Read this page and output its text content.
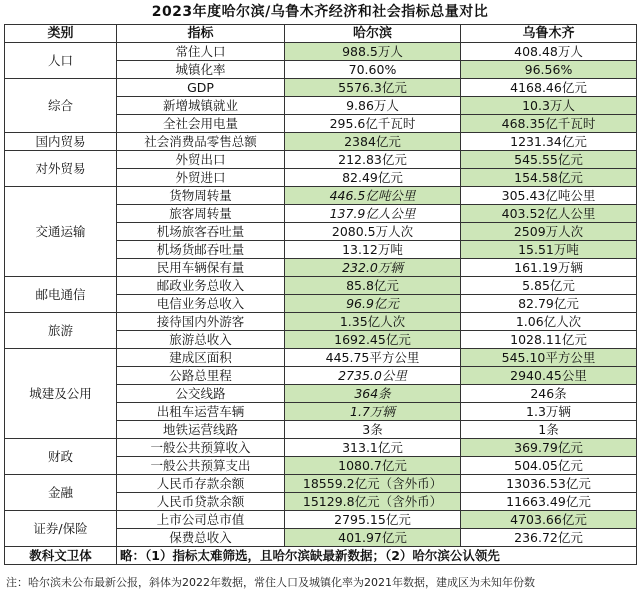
2023年度哈尔滨/乌鲁木齐经济和社会指标总量对比
类别	指标	哈尔滨	乌鲁木齐
人口	常住人口	988.5万人	408.48万人
	城镇化率	70.60%	96.56%
综合	GDP	5576.3亿元	4168.46亿元
	新增城镇就业	9.86万人	10.3万人
	全社会用电量	295.6亿千瓦时	468.35亿千瓦时
国内贸易	社会消费品零售总额	2384亿元	1231.34亿元
对外贸易	外贸出口	212.83亿元	545.55亿元
	外贸进口	82.49亿元	154.58亿元
交通运输	货物周转量	446.5亿吨公里	305.43亿吨公里
	旅客周转量	137.9亿人公里	403.52亿人公里
	机场旅客吞吐量	2080.5万人次	2509万人次
	机场货邮吞吐量	13.12万吨	15.51万吨
	民用车辆保有量	232.0万辆	161.19万辆
邮电通信	邮政业务总收入	85.8亿元	5.85亿元
	电信业务总收入	96.9亿元	82.79亿元
旅游	接待国内外游客	1.35亿人次	1.06亿人次
	旅游总收入	1692.45亿元	1028.11亿元
城建及公用	建成区面积	445.75平方公里	545.10平方公里
	公路总里程	2735.0公里	2940.45公里
	公交线路	364条	246条
	出租车运营车辆	1.7万辆	1.3万辆
	地铁运营线路	3条	1条
财政	一般公共预算收入	313.1亿元	369.79亿元
	一般公共预算支出	1080.7亿元	504.05亿元
金融	人民币存款余额	18559.2亿元（含外币）	13036.53亿元
	人民币贷款余额	15129.8亿元（含外币）	11663.49亿元
证券/保险	上市公司总市值	2795.15亿元	4703.66亿元
	保费总收入	401.97亿元	236.72亿元
教科文卫体	略：（1）指标太难筛选，且哈尔滨缺最新数据；（2）哈尔滨公认领先		
注：哈尔滨未公布最新公报，斜体为2022年数据，常住人口及城镇化率为2021年数据，建成区为未知年份数
